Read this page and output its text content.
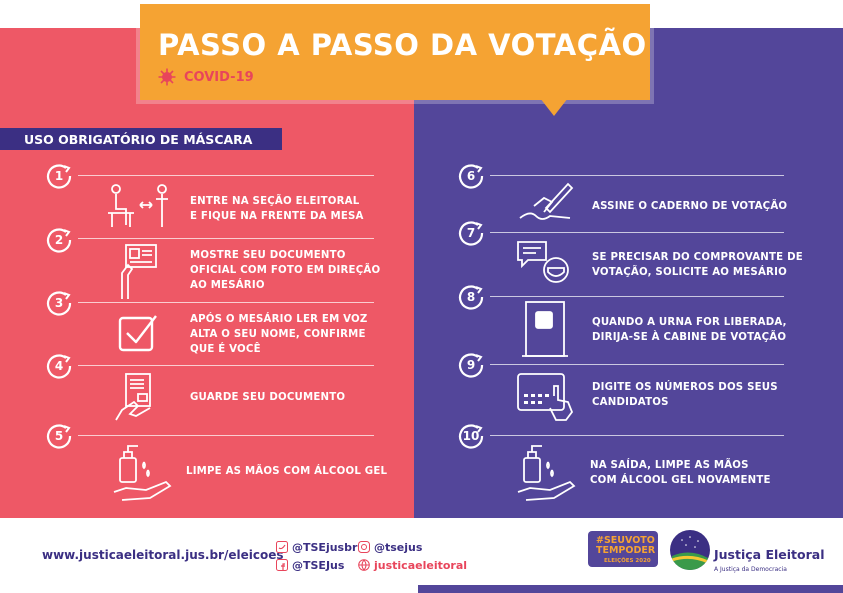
PASSO A PASSO DA VOTAÇÃO
COVID-19
USO OBRIGATÓRIO DE MÁSCARA
1
ENTRE NA SEÇÃO ELEITORAL
E FIQUE NA FRENTE DA MESA
2
MOSTRE SEU DOCUMENTO
OFICIAL COM FOTO EM DIREÇÃO
AO MESÁRIO
3
APÓS O MESÁRIO LER EM VOZ
ALTA O SEU NOME, CONFIRME
QUE É VOCÊ
4
GUARDE SEU DOCUMENTO
5
LIMPE AS MÃOS COM ÁLCOOL GEL
6
ASSINE O CADERNO DE VOTAÇÃO
7
SE PRECISAR DO COMPROVANTE DE
VOTAÇÃO, SOLICITE AO MESÁRIO
8
QUANDO A URNA FOR LIBERADA,
DIRIJA-SE À CABINE DE VOTAÇÃO
9
DIGITE OS NÚMEROS DOS SEUS
CANDIDATOS
10
NA SAÍDA, LIMPE AS MÃOS
COM ÁLCOOL GEL NOVAMENTE
www.justicaeleitoral.jus.br/eleicoes
@TSEjusbr
@TSEJus
@tsejus
justicaeleitoral
#SEUVOTO
TEMPODER
ELEIÇÕES 2020	Justiça Eleitoral
A Justiça da Democracia
